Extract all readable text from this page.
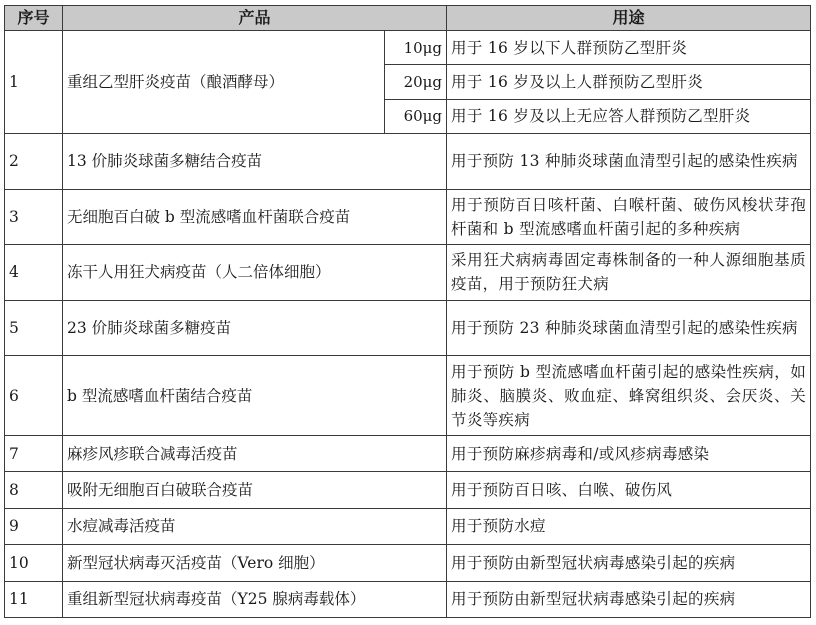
序号	产品		用途
1	重组乙型肝炎疫苗（酿酒酵母）	10μg	用于 16 岁以下人群预防乙型肝炎
		20μg	用于 16 岁及以上人群预防乙型肝炎
		60μg	用于 16 岁及以上无应答人群预防乙型肝炎
2	13 价肺炎球菌多糖结合疫苗		用于预防 13 种肺炎球菌血清型引起的感染性疾病
3	无细胞百白破 b 型流感嗜血杆菌联合疫苗		用于预防百日咳杆菌、白喉杆菌、破伤风梭状芽孢杆菌和 b 型流感嗜血杆菌引起的多种疾病
4	冻干人用狂犬病疫苗（人二倍体细胞）		采用狂犬病病毒固定毒株制备的一种人源细胞基质疫苗，用于预防狂犬病
5	23 价肺炎球菌多糖疫苗		用于预防 23 种肺炎球菌血清型引起的感染性疾病
6	b 型流感嗜血杆菌结合疫苗		用于预防 b 型流感嗜血杆菌引起的感染性疾病，如肺炎、脑膜炎、败血症、蜂窝组织炎、会厌炎、关节炎等疾病
7	麻疹风疹联合减毒活疫苗		用于预防麻疹病毒和/或风疹病毒感染
8	吸附无细胞百白破联合疫苗		用于预防百日咳、白喉、破伤风
9	水痘减毒活疫苗		用于预防水痘
10	新型冠状病毒灭活疫苗（Vero 细胞）		用于预防由新型冠状病毒感染引起的疾病
11	重组新型冠状病毒疫苗（Y25 腺病毒载体）		用于预防由新型冠状病毒感染引起的疾病
